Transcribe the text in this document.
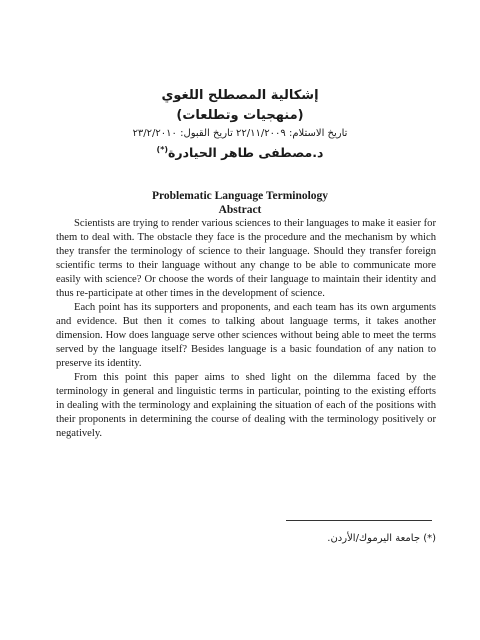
إشكالية المصطلح اللغوي
(منهجيات وتطلعات)
تاريخ الاستلام: ٢٢/١١/٢٠٠٩ تاريخ القبول: ٢٣/٢/٢٠١٠
د.مصطفى طاهر الحيادرة(*)
Problematic Language Terminology
Abstract

Scientists are trying to render various sciences to their languages to make it easier for them to deal with. The obstacle they face is the procedure and the mechanism by which they transfer the terminology of science to their language. Should they transfer foreign scientific terms to their language without any change to be able to communicate more easily with science? Or choose the words of their language to maintain their identity and thus re-participate at other times in the development of science.

Each point has its supporters and proponents, and each team has its own arguments and evidence. But then it comes to talking about language terms, it takes another dimension. How does language serve other sciences without being able to meet the terms served by the language itself? Besides language is a basic foundation of any nation to preserve its identity.

From this point this paper aims to shed light on the dilemma faced by the terminology in general and linguistic terms in particular, pointing to the existing efforts in dealing with the terminology and explaining the situation of each of the positions with their proponents in determining the course of dealing with the terminology positively or negatively.

(*) جامعة اليرموك/الأردن.
